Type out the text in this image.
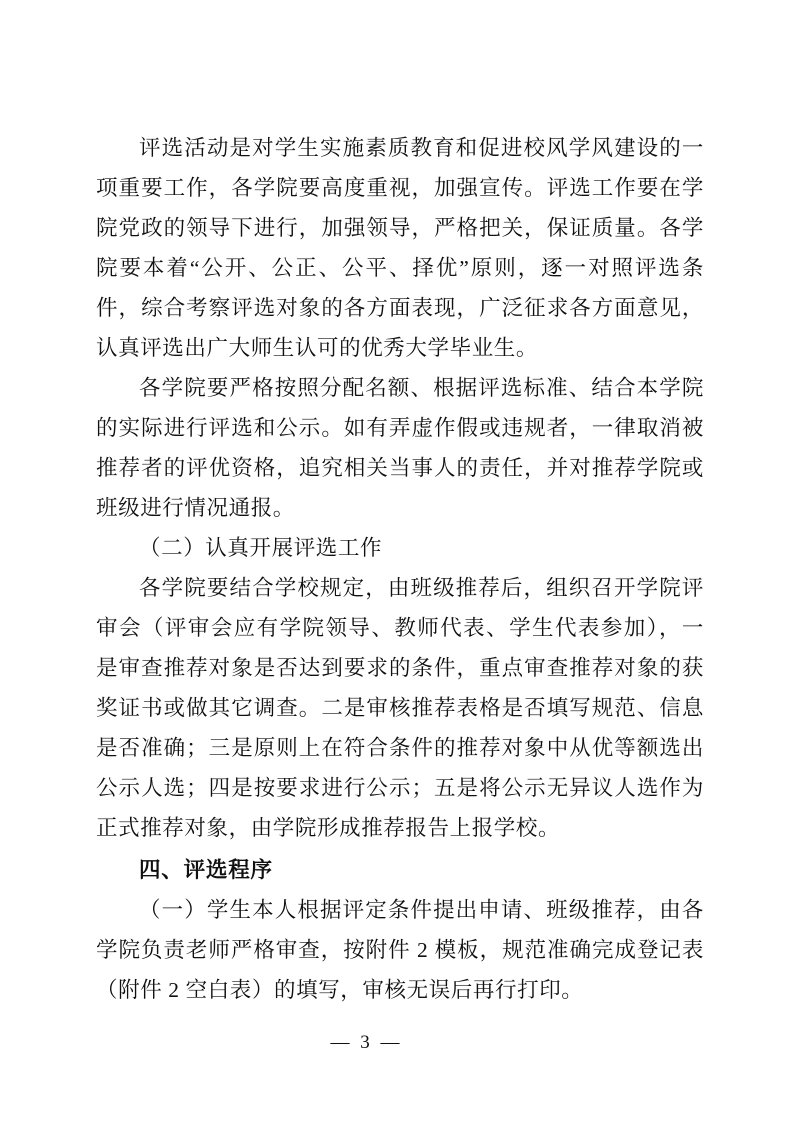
评选活动是对学生实施素质教育和促进校风学风建设的一项重要工作，各学院要高度重视，加强宣传。评选工作要在学院党政的领导下进行，加强领导，严格把关，保证质量。各学院要本着“公开、公正、公平、择优”原则，逐一对照评选条件，综合考察评选对象的各方面表现，广泛征求各方面意见，认真评选出广大师生认可的优秀大学毕业生。

各学院要严格按照分配名额、根据评选标准、结合本学院的实际进行评选和公示。如有弄虚作假或违规者，一律取消被推荐者的评优资格，追究相关当事人的责任，并对推荐学院或班级进行情况通报。

（二）认真开展评选工作

各学院要结合学校规定，由班级推荐后，组织召开学院评审会（评审会应有学院领导、教师代表、学生代表参加），一是审查推荐对象是否达到要求的条件，重点审查推荐对象的获奖证书或做其它调查。二是审核推荐表格是否填写规范、信息是否准确；三是原则上在符合条件的推荐对象中从优等额选出公示人选；四是按要求进行公示；五是将公示无异议人选作为正式推荐对象，由学院形成推荐报告上报学校。

四、评选程序

（一）学生本人根据评定条件提出申请、班级推荐，由各学院负责老师严格审查，按附件 2 模板，规范准确完成登记表（附件 2 空白表）的填写，审核无误后再行打印。

— 3 —
